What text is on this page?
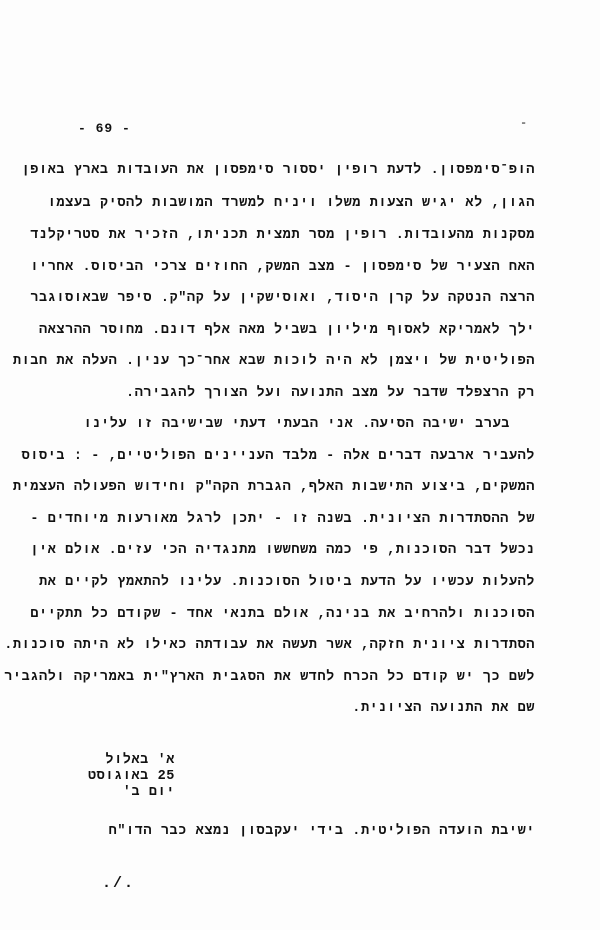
- 69 -	-
הופ־סימפסון. לדעת רופין יססור סימפסון את העובדות בארץ באופן
הגון, לא יגיש הצעות משלו ויניח למשרד המושבות להסיק בעצמו
מסקנות מהעובדות. רופין מסר תמצית תכניתו, הזכיר את סטריקלנד
האח הצעיר של סימפסון - מצב המשק, החוזים צרכי הביסוס. אחריו
הרצה הנטקה על קרן היסוד, ואוסישקין על קה"ק. סיפר שבאוסוגבר
ילך לאמריקא לאסוף מיליון בשביל מאה אלף דונם. מחוסר ההרצאה
הפוליטית של ויצמן לא היה לוכות שבא אחר־כך ענין. העלה את חבות
רק הרצפלד שדבר על מצב התנועה ועל הצורך להגבירה.
בערב ישיבה הסיעה. אני הבעתי דעתי שבישיבה זו עלינו
להעביר ארבעה דברים אלה - מלבד העניינים הפוליטיים, - : ביסוס
המשקים, ביצוע התישבות האלף, הגברת הקה"ק וחידוש הפעולה העצמית
של ההסתדרות הציונית. בשנה זו - יתכן לרגל מאורעות מיוחדים -
נכשל דבר הסוכנות, פי כמה משחששו מתנגדיה הכי עזים. אולם אין
להעלות עכשיו על הדעת ביטול הסוכנות. עלינו להתאמץ לקיים את
הסוכנות ולהרחיב את בנינה, אולם בתנאי אחד - שקודם כל תתקיים
הסתדרות ציונית חזקה, אשר תעשה את עבודתה כאילו לא היתה סוכנות.
לשם כך יש קודם כל הכרח לחדש את הסגבית הארץ"ית באמריקה ולהגביר
שם את התנועה הציונית.
א' באלול
25 באוגוסט
יום ב'
ישיבת הועדה הפוליטית. בידי יעקבסון נמצא כבר הדו"ח
./.
